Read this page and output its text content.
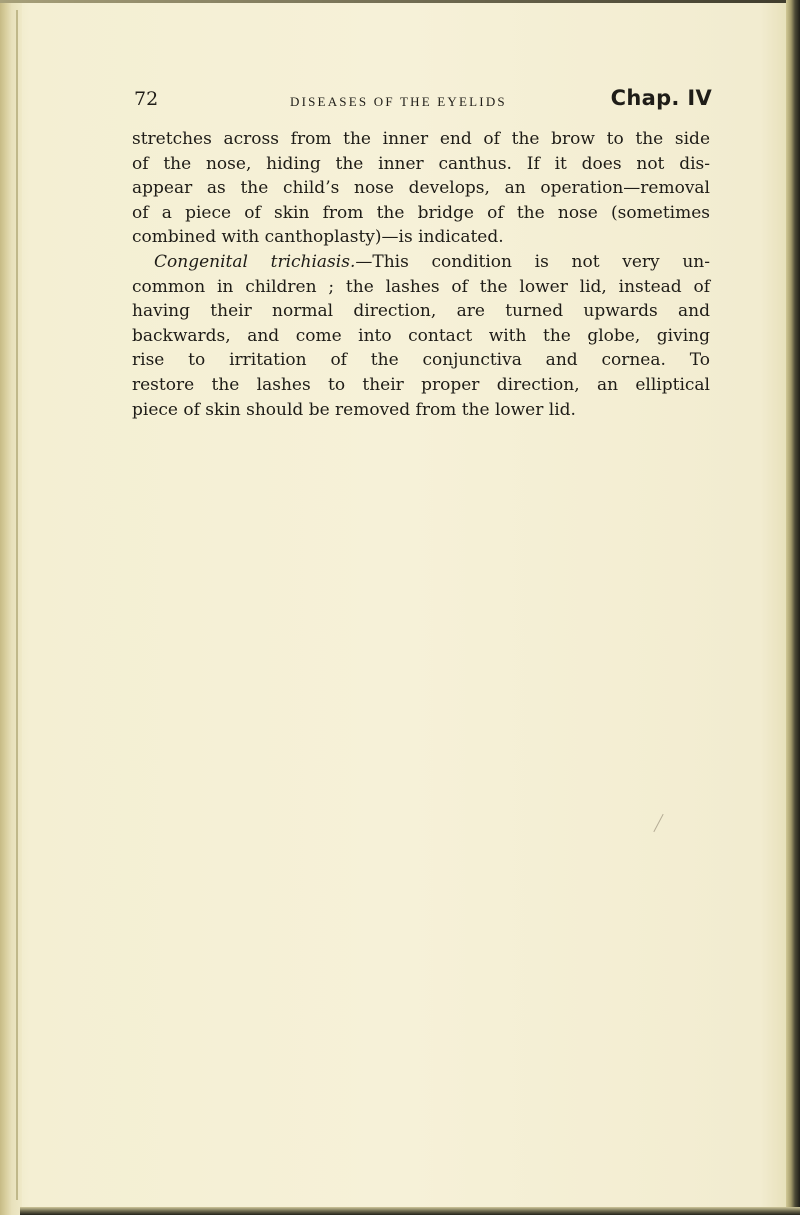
72	DISEASES OF THE EYELIDS	Chap. IV
stretches across from the inner end of the brow to the side
of the nose, hiding the inner canthus. If it does not dis-
appear as the child’s nose develops, an operation—removal
of a piece of skin from the bridge of the nose (sometimes
combined with canthoplasty)—is indicated.
Congenital trichiasis.—This condition is not very un-
common in children ; the lashes of the lower lid, instead of
having their normal direction, are turned upwards and
backwards, and come into contact with the globe, giving
rise to irritation of the conjunctiva and cornea. To
restore the lashes to their proper direction, an elliptical
piece of skin should be removed from the lower lid.
